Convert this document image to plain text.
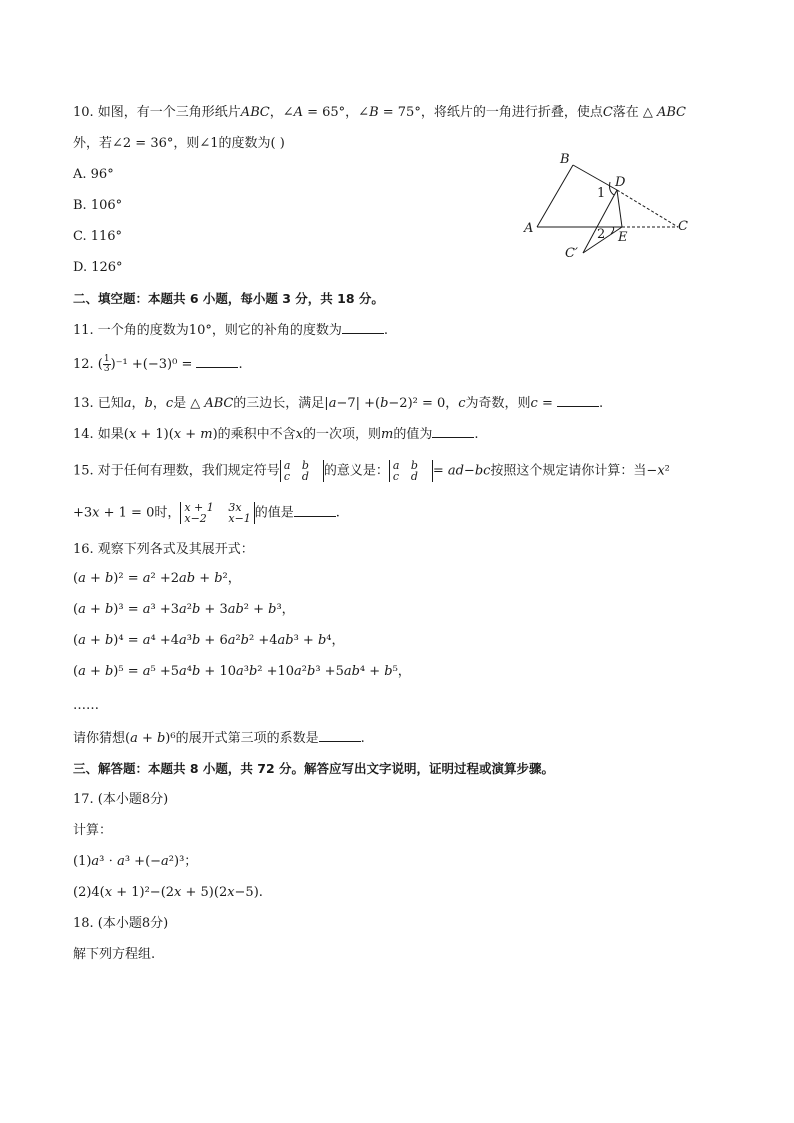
10. 如图，有一个三角形纸片𝐴𝐵𝐶，∠𝐴 = 65°，∠𝐵 = 75°，将纸片的一角进行折叠，使点𝐶落在 △ 𝐴𝐵𝐶
外，若∠2 = 36°，则∠1的度数为( )
A. 96°
B. 106°
C. 116°
D. 126°
B
D
1
A	C
2 E
C′
二、填空题：本题共 6 小题，每小题 3 分，共 18 分。
11. 一个角的度数为10°，则它的补角的度数为	.
12. ( $\frac{1}{3} )^{-1} +(-3)^0$ =	.
13. 已知𝑎，𝑏，𝑐是 △ 𝐴𝐵𝐶的三边长，满足|𝑎−7| +(𝑏−2)² = 0，𝑐为奇数，则𝑐 =	.
14. 如果(𝑥 + 1)(𝑥 + 𝑚)的乘积中不含𝑥的一次项，则𝑚的值为	.
15. 对于任何有理数，我们规定符号 a b
c d 的意义是： a b
c d = 𝑎𝑑−𝑏𝑐按照这个规定请你计算：当−𝑥²
+3𝑥 + 1 = 0时， x + 1 3x
x−2 x−1 的值是	.
16. 观察下列各式及其展开式：
(𝑎 + 𝑏)² = 𝑎² +2𝑎𝑏 + 𝑏²，
(𝑎 + 𝑏)³ = 𝑎³ +3𝑎²𝑏 + 3𝑎𝑏² + 𝑏³，
(𝑎 + 𝑏)⁴ = 𝑎⁴ +4𝑎³𝑏 + 6𝑎²𝑏² +4𝑎𝑏³ + 𝑏⁴，
(𝑎 + 𝑏)⁵ = 𝑎⁵ +5𝑎⁴𝑏 + 10𝑎³𝑏² +10𝑎²𝑏³ +5𝑎𝑏⁴ + 𝑏⁵，
……
请你猜想(𝑎 + 𝑏)⁶的展开式第三项的系数是	.
三、解答题：本题共 8 小题，共 72 分。解答应写出文字说明，证明过程或演算步骤。
17. (本小题8分)
计算：
(1)𝑎³ ⋅ 𝑎³ +(−𝑎²)³；
(2)4(𝑥 + 1)²−(2𝑥 + 5)(2𝑥−5).
18. (本小题8分)
解下列方程组.
